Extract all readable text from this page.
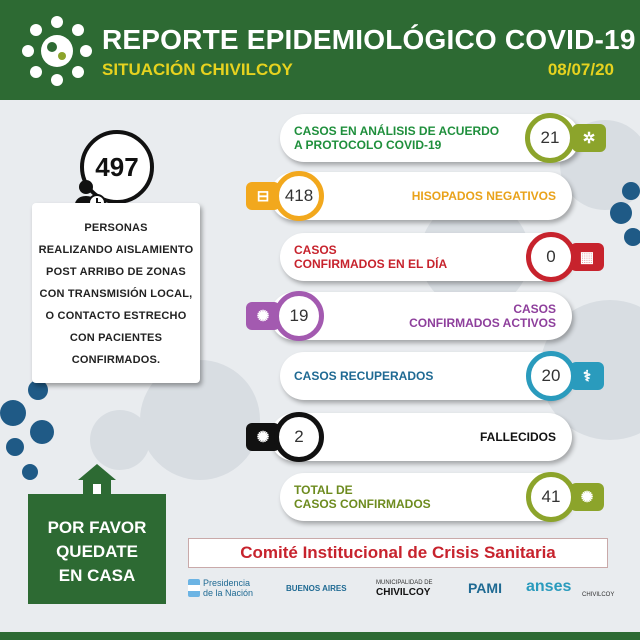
REPORTE EPIDEMIOLÓGICO COVID-19
SITUACIÓN CHIVILCOY	08/07/20
497
PERSONAS
REALIZANDO AISLAMIENTO
POST ARRIBO DE ZONAS
CON TRANSMISIÓN LOCAL,
O CONTACTO ESTRECHO
CON PACIENTES
CONFIRMADOS.
CASOS EN ANÁLISIS DE ACUERDO
A PROTOCOLO COVID-19	✲
21
HISOPADOS NEGATIVOS
⊟ 418
CASOS
CONFIRMADOS EN EL DÍA	▦
0
CASOS
CONFIRMADOS ACTIVOS
✺	19
CASOS RECUPERADOS	⚕
20
FALLECIDOS
✺	2
TOTAL DE
CASOS CONFIRMADOS	✺
41
POR FAVOR
QUEDATE
EN CASA
Comité Institucional de Crisis Sanitaria
Presidencia
de la Nación	BUENOS AIRES
MUNICIPALIDAD DE
CHIVILCOY	PAMI anses CHIVILCOY
